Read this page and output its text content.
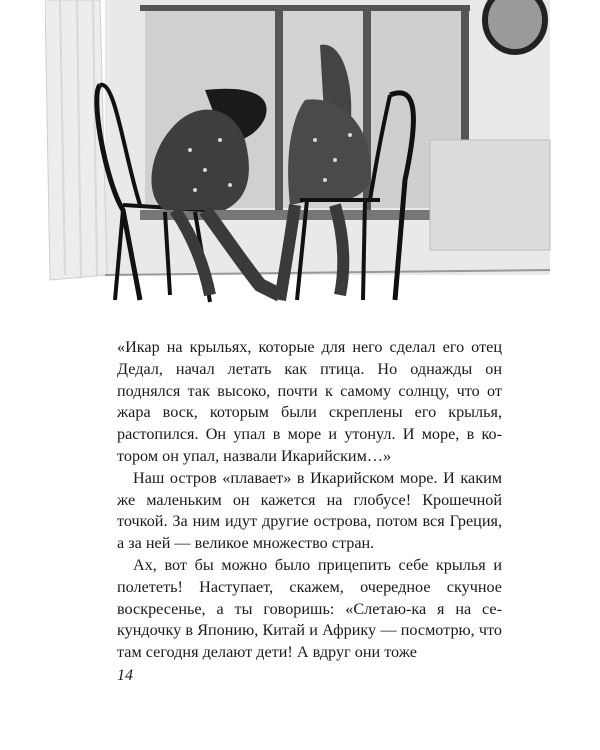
«Икар на крыльях, которые для него сделал его отец Дедал, начал летать как птица. Но однажды он поднялся так высоко, почти к самому солнцу, что от жара воск, которым были скреплены его крылья, растопился. Он упал в море и утонул. И море, в котором он упал, назвали Икарийским…»

Наш остров «плавает» в Икарийском море. И каким же маленьким он кажется на глобусе! Крошечной точкой. За ним идут другие острова, потом вся Греция, а за ней — великое множество стран.

Ах, вот бы можно было прицепить себе крылья и полететь! Наступает, скажем, очередное скучное воскресенье, а ты говоришь: «Слетаю-ка я на секундочку в Японию, Китай и Африку — посмотрю, что там сегодня делают дети! А вдруг они тоже

14
